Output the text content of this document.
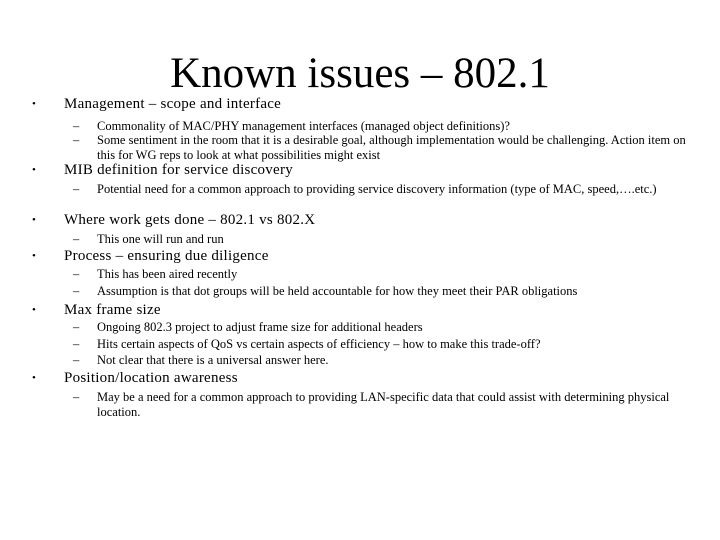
Known issues – 802.1
• Management – scope and interface
– Commonality of MAC/PHY management interfaces (managed object definitions)?
– Some sentiment in the room that it is a desirable goal, although implementation would be challenging. Action item on this for WG reps to look at what possibilities might exist
• MIB definition for service discovery
– Potential need for a common approach to providing service discovery information (type of MAC, speed,….etc.)
• Where work gets done – 802.1 vs 802.X
– This one will run and run
• Process – ensuring due diligence
– This has been aired recently
– Assumption is that dot groups will be held accountable for how they meet their PAR obligations
• Max frame size
– Ongoing 802.3 project to adjust frame size for additional headers
– Hits certain aspects of QoS vs certain aspects of efficiency – how to make this trade-off?
– Not clear that there is a universal answer here.
• Position/location awareness
– May be a need for a common approach to providing LAN-specific data that could assist with determining physical location.
